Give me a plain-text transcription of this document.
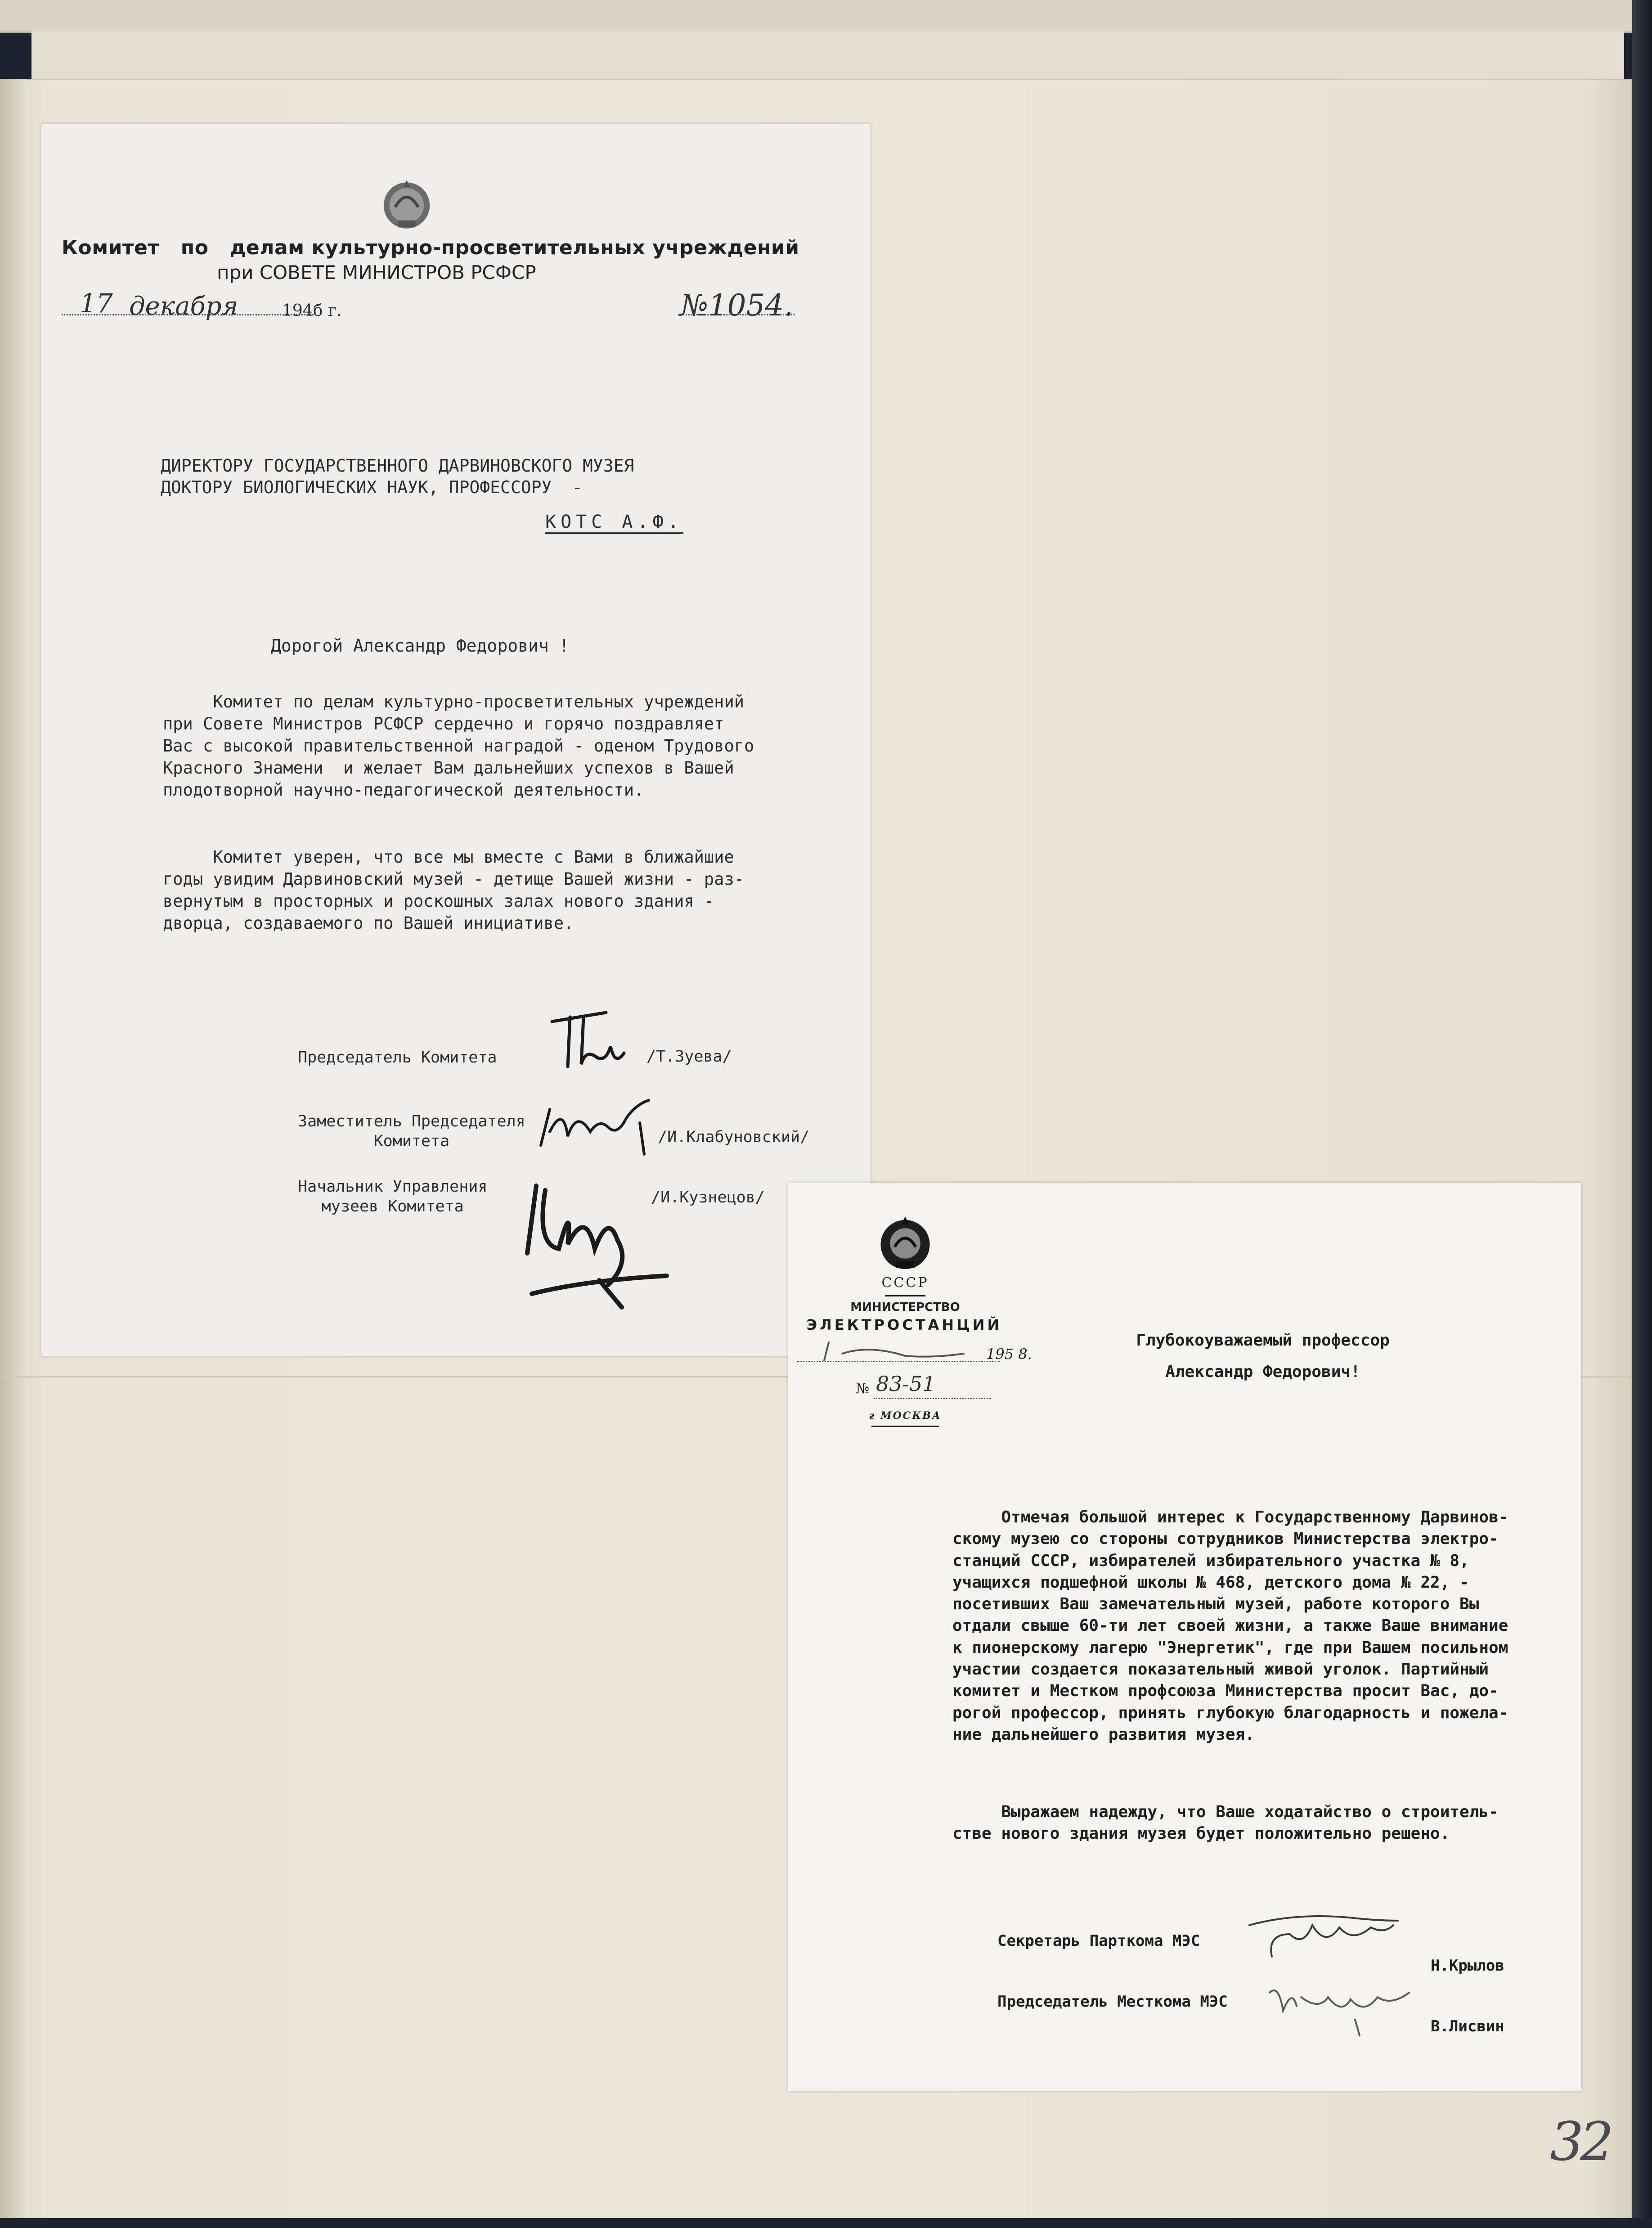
Комитет   по   делам культурно-просветительных учреждений
при СОВЕТЕ МИНИСТРОВ РСФСР
17 декабря	194б г.	№1054.
ДИРЕКТОРУ ГОСУДАРСТВЕННОГО ДАРВИНОВСКОГО МУЗЕЯ
ДОКТОРУ БИОЛОГИЧЕСКИХ НАУК, ПРОФЕССОРУ  -
КОТС А.Ф.
Дорогой Александр Федорович !
Комитет по делам культурно-просветительных учреждений
при Совете Министров РСФСР сердечно и горячо поздравляет
Вас с высокой правительственной наградой - оденом Трудового
Красного Знамени  и желает Вам дальнейших успехов в Вашей
плодотворной научно-педагогической деятельности.
Комитет уверен, что все мы вместе с Вами в ближайшие
годы увидим Дарвиновский музей - детище Вашей жизни - раз-
вернутым в просторных и роскошных залах нового здания -
дворца, создаваемого по Вашей инициативе.
Председатель Комитета	/Т.Зуева/
Заместитель Председателя
Комитета	/И.Клабуновский/
Начальник Управления
музеев Комитета	/И.Кузнецов/
СССР
МИНИСТЕРСТВО
ЭЛЕКТРОСТАНЦИЙ
195 8.
№ 83-51
г МОСКВА
Глубокоуважаемый профессор
Александр Федорович!
Отмечая большой интерес к Государственному Дарвинов-
скому музею со стороны сотрудников Министерства электро-
станций СССР, избирателей избирательного участка № 8,
учащихся подшефной школы № 468, детского дома № 22, -
посетивших Ваш замечательный музей, работе которого Вы
отдали свыше 60-ти лет своей жизни, а также Ваше внимание
к пионерскому лагерю "Энергетик", где при Вашем посильном
участии создается показательный живой уголок. Партийный
комитет и Местком профсоюза Министерства просит Вас, до-
рогой профессор, принять глубокую благодарность и пожела-
ние дальнейшего развития музея.
Выражаем надежду, что Ваше ходатайство о строитель-
стве нового здания музея будет положительно решено.
Секретарь Парткома МЭС
Н.Крылов
Председатель Месткома МЭС
В.Лисвин
32
